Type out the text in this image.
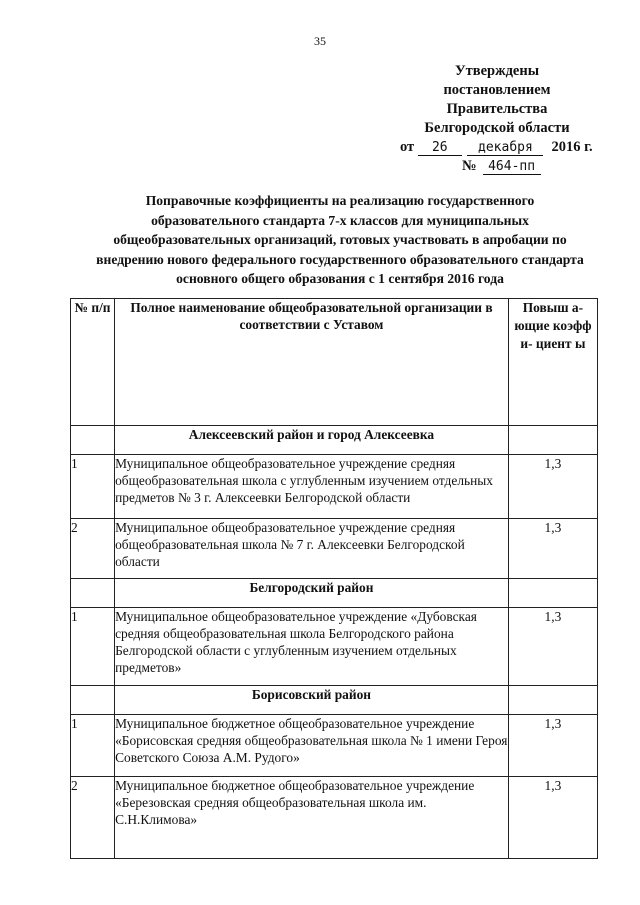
35
Утверждены
постановлением
Правительства
Белгородской области
от 26 декабря 2016 г.
№ 464-пп
Поправочные коэффициенты на реализацию государственного образовательного стандарта 7-х классов для муниципальных общеобразовательных организаций, готовых участвовать в апробации по внедрению нового федерального государственного образовательного стандарта основного общего образования с 1 сентября 2016 года
№ п/п	Полное наименование общеобразовательной организации в соответствии с Уставом	Повыш а- ющие коэфф и- циент ы
	Алексеевский район и город Алексеевка	
1	Муниципальное общеобразовательное учреждение средняя общеобразовательная школа с углубленным изучением отдельных предметов № 3 г. Алексеевки Белгородской области	1,3
2	Муниципальное общеобразовательное учреждение средняя общеобразовательная школа № 7 г. Алексеевки Белгородской области	1,3
	Белгородский район	
1	Муниципальное общеобразовательное учреждение «Дубовская средняя общеобразовательная школа Белгородского района Белгородской области с углубленным изучением отдельных предметов»	1,3
	Борисовский район	
1	Муниципальное бюджетное общеобразовательное учреждение «Борисовская средняя общеобразовательная школа № 1 имени Героя Советского Союза А.М. Рудого»	1,3
2	Муниципальное бюджетное общеобразовательное учреждение «Березовская средняя общеобразовательная школа им. С.Н.Климова»	1,3
